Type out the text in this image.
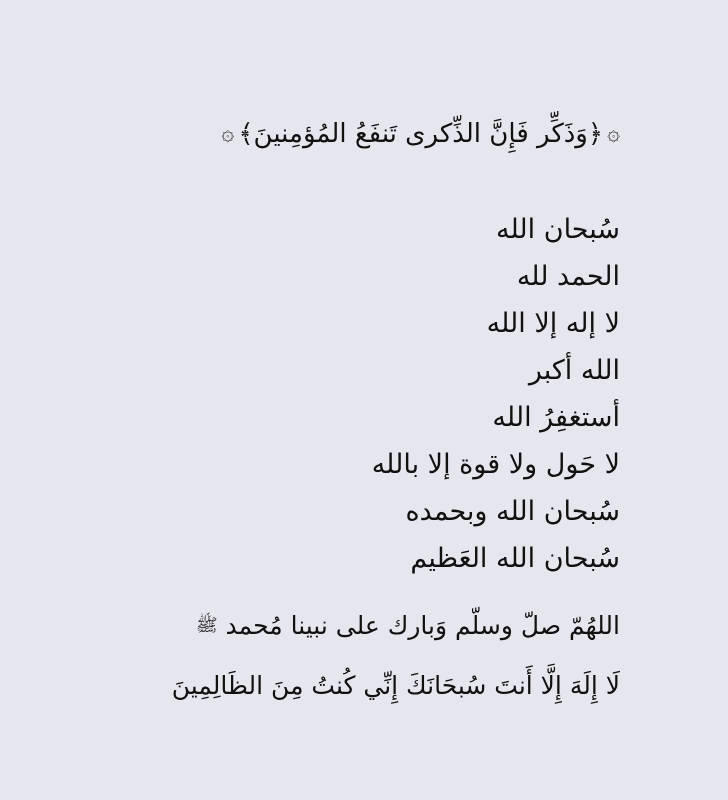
۞
﴿وَذَكِّر فَإِنَّ الذِّكرى تَنفَعُ المُؤمِنينَ﴾
۞
سُبحان الله
الحمد لله
لا إله إلا الله
الله أكبر
أستغفِرُ الله
لا حَول ولا قوة إلا بالله
سُبحان الله وبحمده
سُبحان الله العَظيم
اللهُمّ صلّ وسلّم وَبارك على نبينا مُحمد ﷺ
لَا إِلَهَ إِلَّا أَنتَ سُبحَانَكَ إِنِّي كُنتُ مِنَ الظَالِمِينَ
